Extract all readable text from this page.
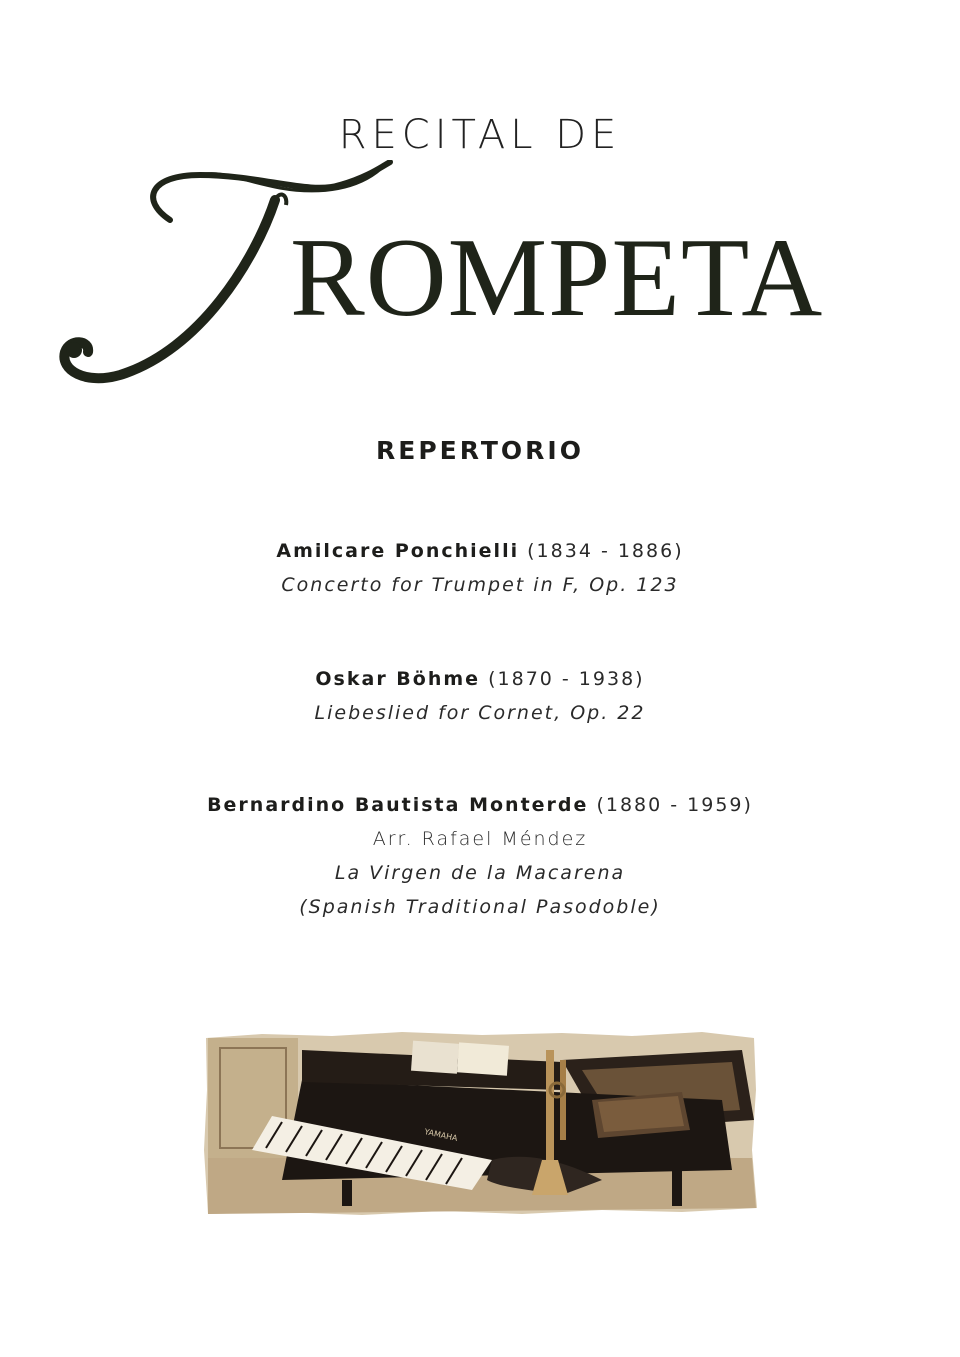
RECITAL DE
ROMPETA
REPERTORIO
Amilcare Ponchielli (1834 - 1886)
Concerto for Trumpet in F, Op. 123
Oskar Böhme (1870 - 1938)
Liebeslied for Cornet, Op. 22
Bernardino Bautista Monterde (1880 - 1959)
Arr. Rafael Méndez
La Virgen de la Macarena
(Spanish Traditional Pasodoble)
YAMAHA
